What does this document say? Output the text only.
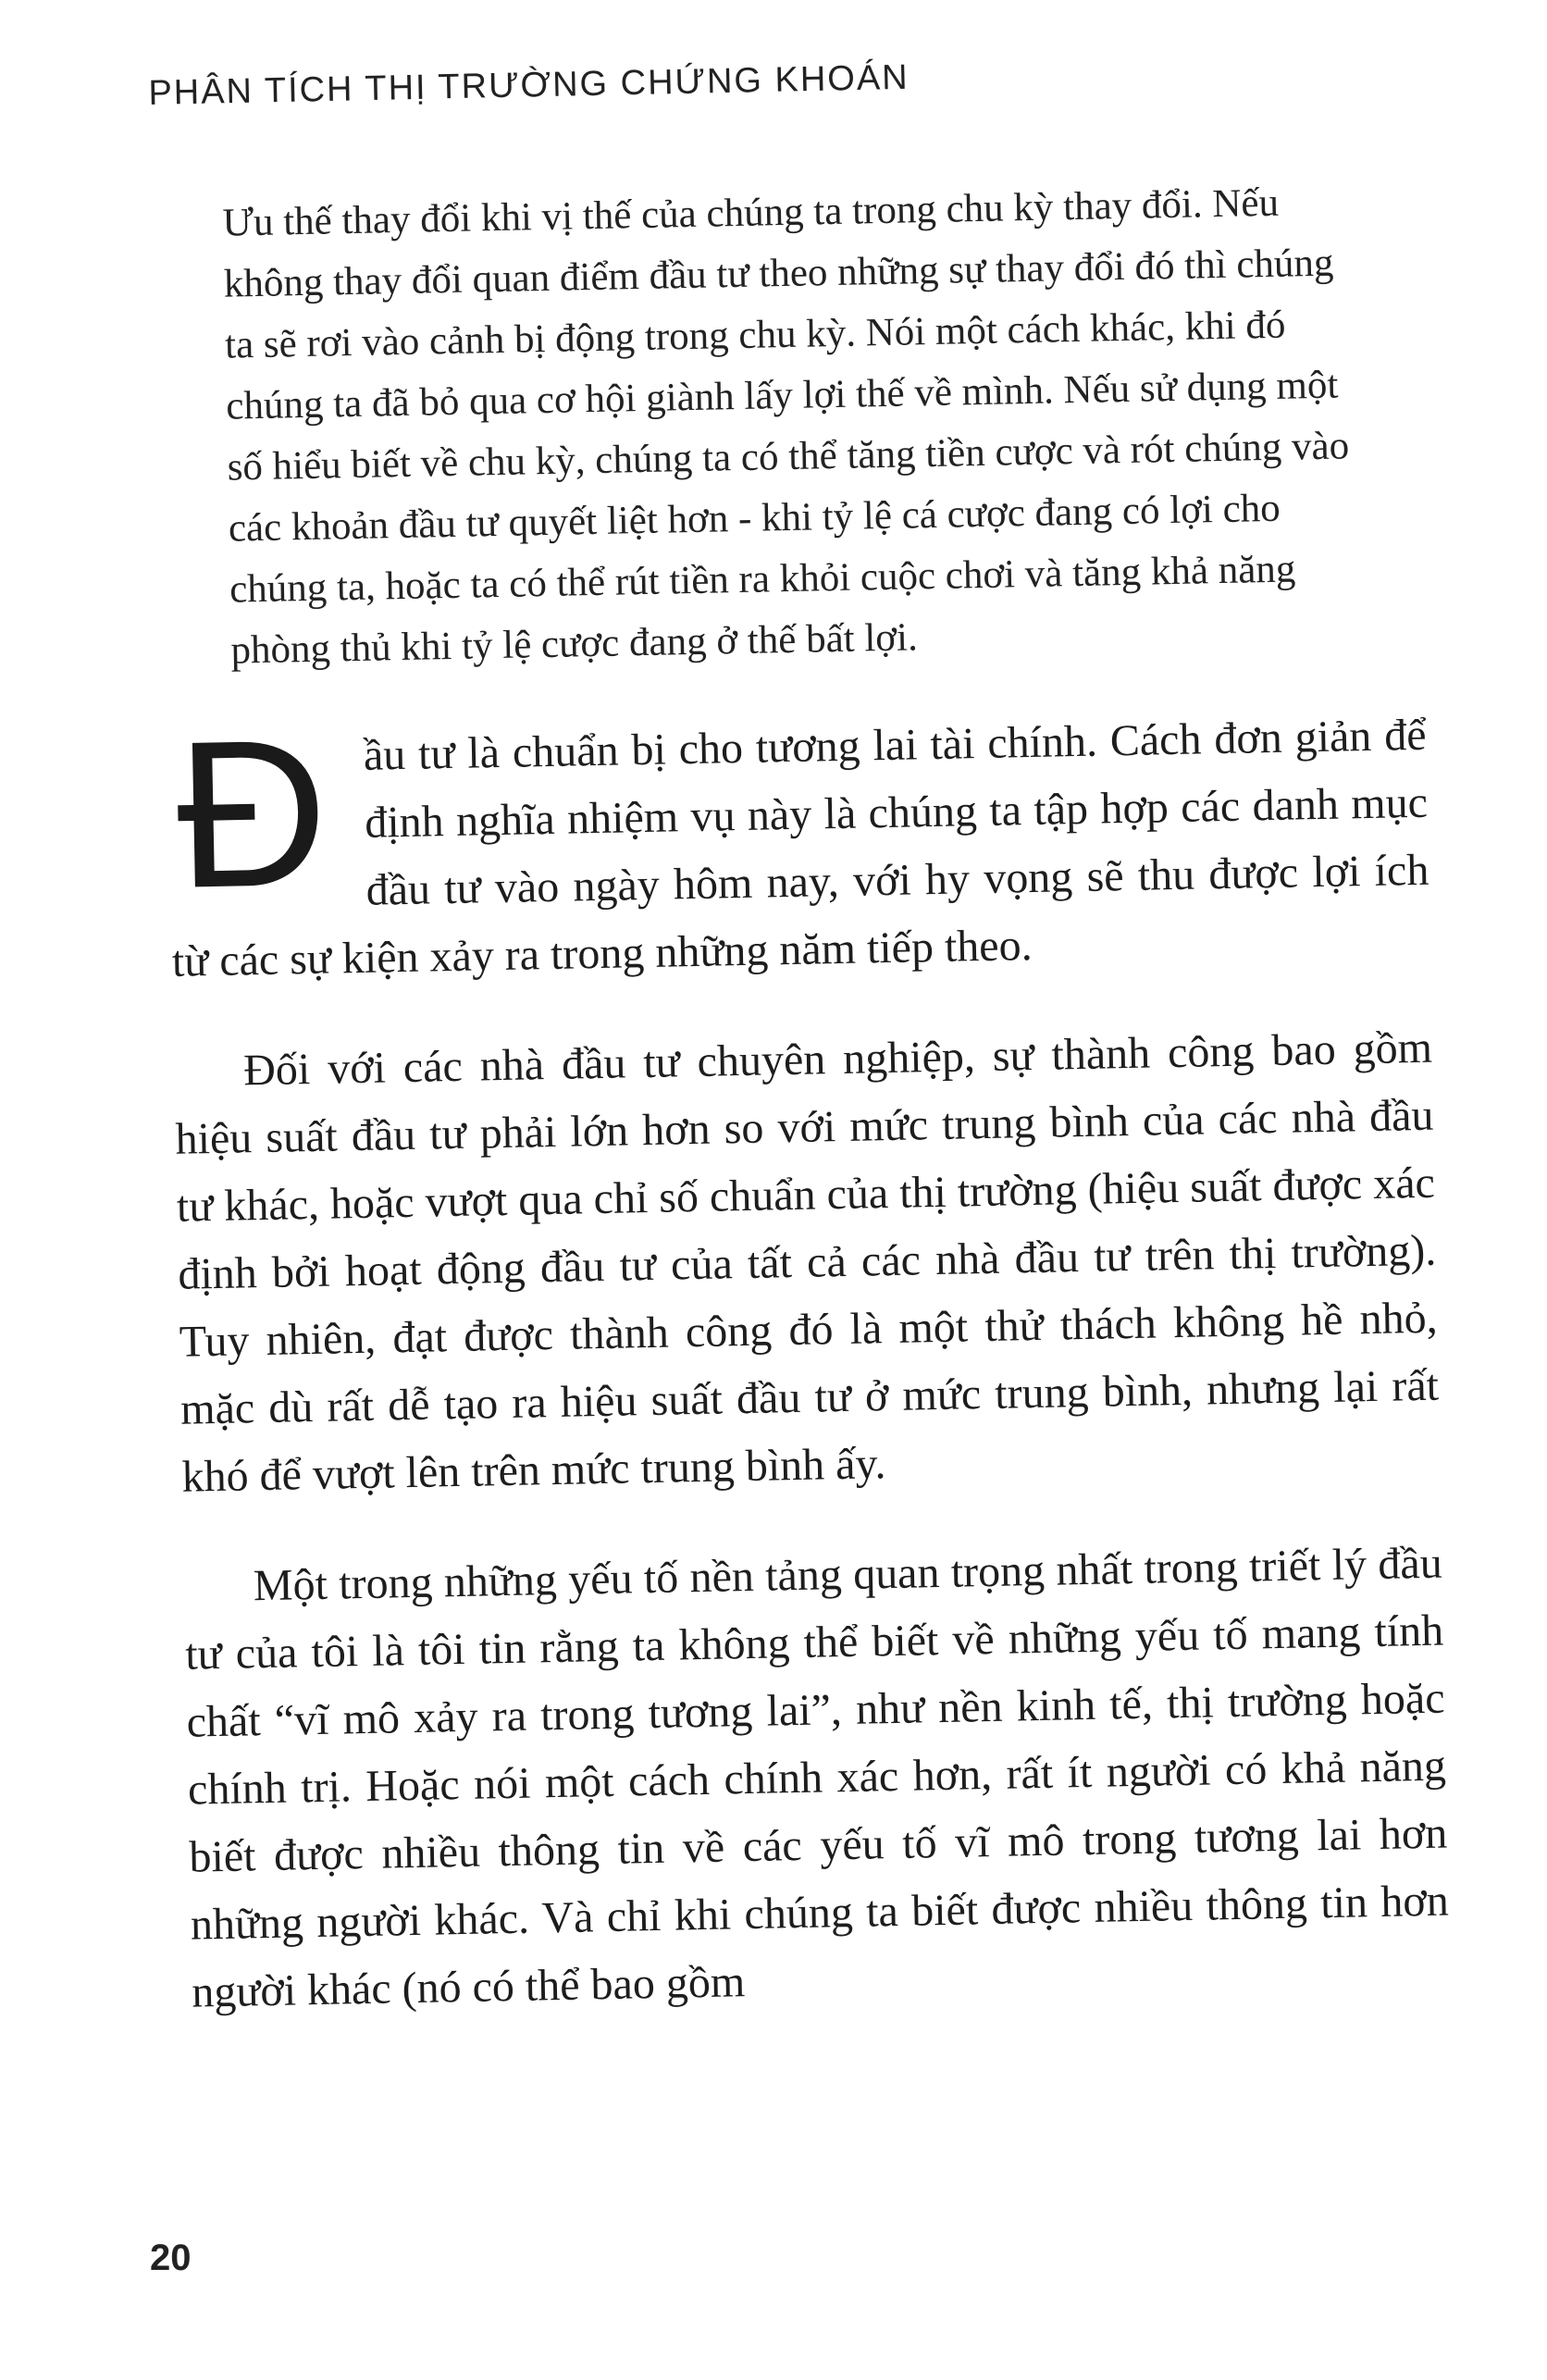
PHÂN TÍCH THỊ TRƯỜNG CHỨNG KHOÁN
Ưu thế thay đổi khi vị thế của chúng ta trong chu kỳ thay đổi. Nếu không thay đổi quan điểm đầu tư theo những sự thay đổi đó thì chúng ta sẽ rơi vào cảnh bị động trong chu kỳ. Nói một cách khác, khi đó chúng ta đã bỏ qua cơ hội giành lấy lợi thế về mình. Nếu sử dụng một số hiểu biết về chu kỳ, chúng ta có thể tăng tiền cược và rót chúng vào các khoản đầu tư quyết liệt hơn - khi tỷ lệ cá cược đang có lợi cho chúng ta, hoặc ta có thể rút tiền ra khỏi cuộc chơi và tăng khả năng phòng thủ khi tỷ lệ cược đang ở thế bất lợi.

Đầu tư là chuẩn bị cho tương lai tài chính. Cách đơn giản để định nghĩa nhiệm vụ này là chúng ta tập hợp các danh mục đầu tư vào ngày hôm nay, với hy vọng sẽ thu được lợi ích từ các sự kiện xảy ra trong những năm tiếp theo.

Đối với các nhà đầu tư chuyên nghiệp, sự thành công bao gồm hiệu suất đầu tư phải lớn hơn so với mức trung bình của các nhà đầu tư khác, hoặc vượt qua chỉ số chuẩn của thị trường (hiệu suất được xác định bởi hoạt động đầu tư của tất cả các nhà đầu tư trên thị trường). Tuy nhiên, đạt được thành công đó là một thử thách không hề nhỏ, mặc dù rất dễ tạo ra hiệu suất đầu tư ở mức trung bình, nhưng lại rất khó để vượt lên trên mức trung bình ấy.

Một trong những yếu tố nền tảng quan trọng nhất trong triết lý đầu tư của tôi là tôi tin rằng ta không thể biết về những yếu tố mang tính chất “vĩ mô xảy ra trong tương lai”, như nền kinh tế, thị trường hoặc chính trị. Hoặc nói một cách chính xác hơn, rất ít người có khả năng biết được nhiều thông tin về các yếu tố vĩ mô trong tương lai hơn những người khác. Và chỉ khi chúng ta biết được nhiều thông tin hơn người khác (nó có thể bao gồm

20
